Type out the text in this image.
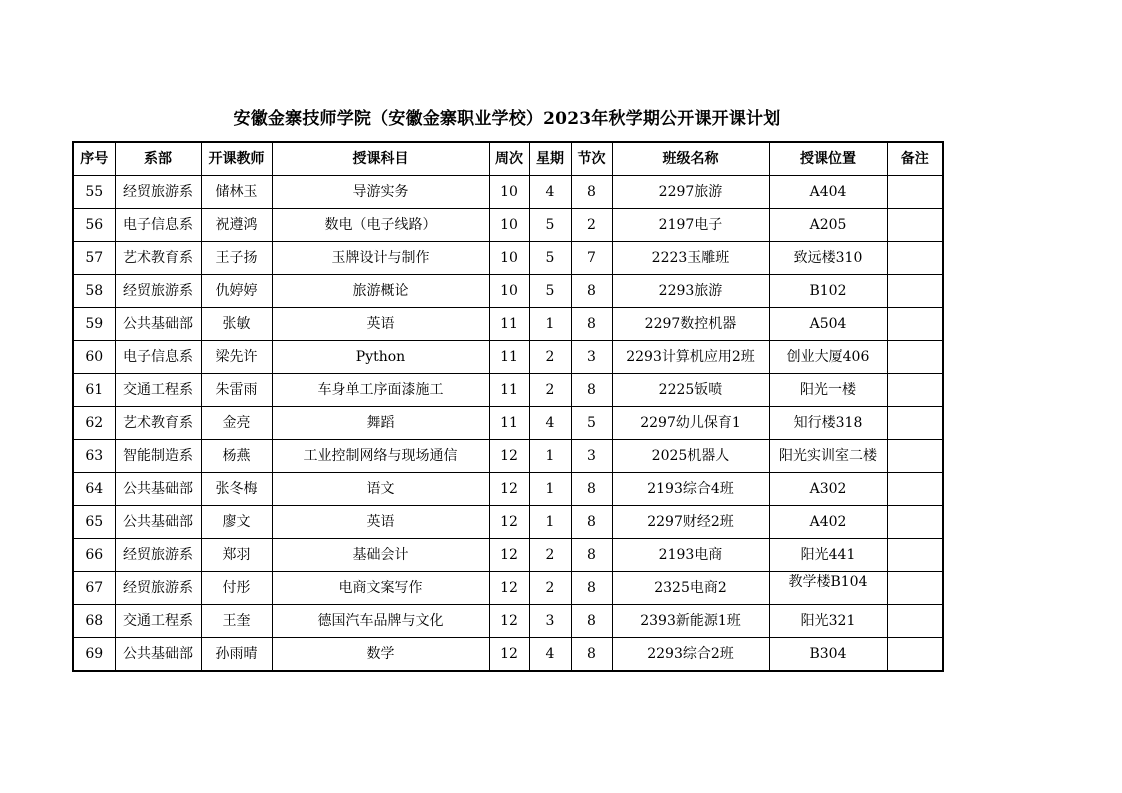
安徽金寨技师学院（安徽金寨职业学校）2023年秋学期公开课开课计划
序号	系部	开课教师	授课科目	周次	星期	节次	班级名称	授课位置	备注
55	经贸旅游系	储林玉	导游实务	10	4	8	2297旅游	A404	
56	电子信息系	祝遵鸿	数电（电子线路）	10	5	2	2197电子	A205	
57	艺术教育系	王子扬	玉牌设计与制作	10	5	7	2223玉雕班	致远楼310	
58	经贸旅游系	仇婷婷	旅游概论	10	5	8	2293旅游	B102	
59	公共基础部	张敏	英语	11	1	8	2297数控机器	A504	
60	电子信息系	梁先许	Python	11	2	3	2293计算机应用2班	创业大厦406	
61	交通工程系	朱雷雨	车身单工序面漆施工	11	2	8	2225钣喷	阳光一楼	
62	艺术教育系	金亮	舞蹈	11	4	5	2297幼儿保育1	知行楼318	
63	智能制造系	杨燕	工业控制网络与现场通信	12	1	3	2025机器人	阳光实训室二楼	
64	公共基础部	张冬梅	语文	12	1	8	2193综合4班	A302	
65	公共基础部	廖文	英语	12	1	8	2297财经2班	A402	
66	经贸旅游系	郑羽	基础会计	12	2	8	2193电商	阳光441	
67	经贸旅游系	付彤	电商文案写作	12	2	8	2325电商2	教学楼B104	

68	交通工程系	王奎	德国汽车品牌与文化	12	3	8	2393新能源1班	阳光321	
69	公共基础部	孙雨晴	数学	12	4	8	2293综合2班	B304	
